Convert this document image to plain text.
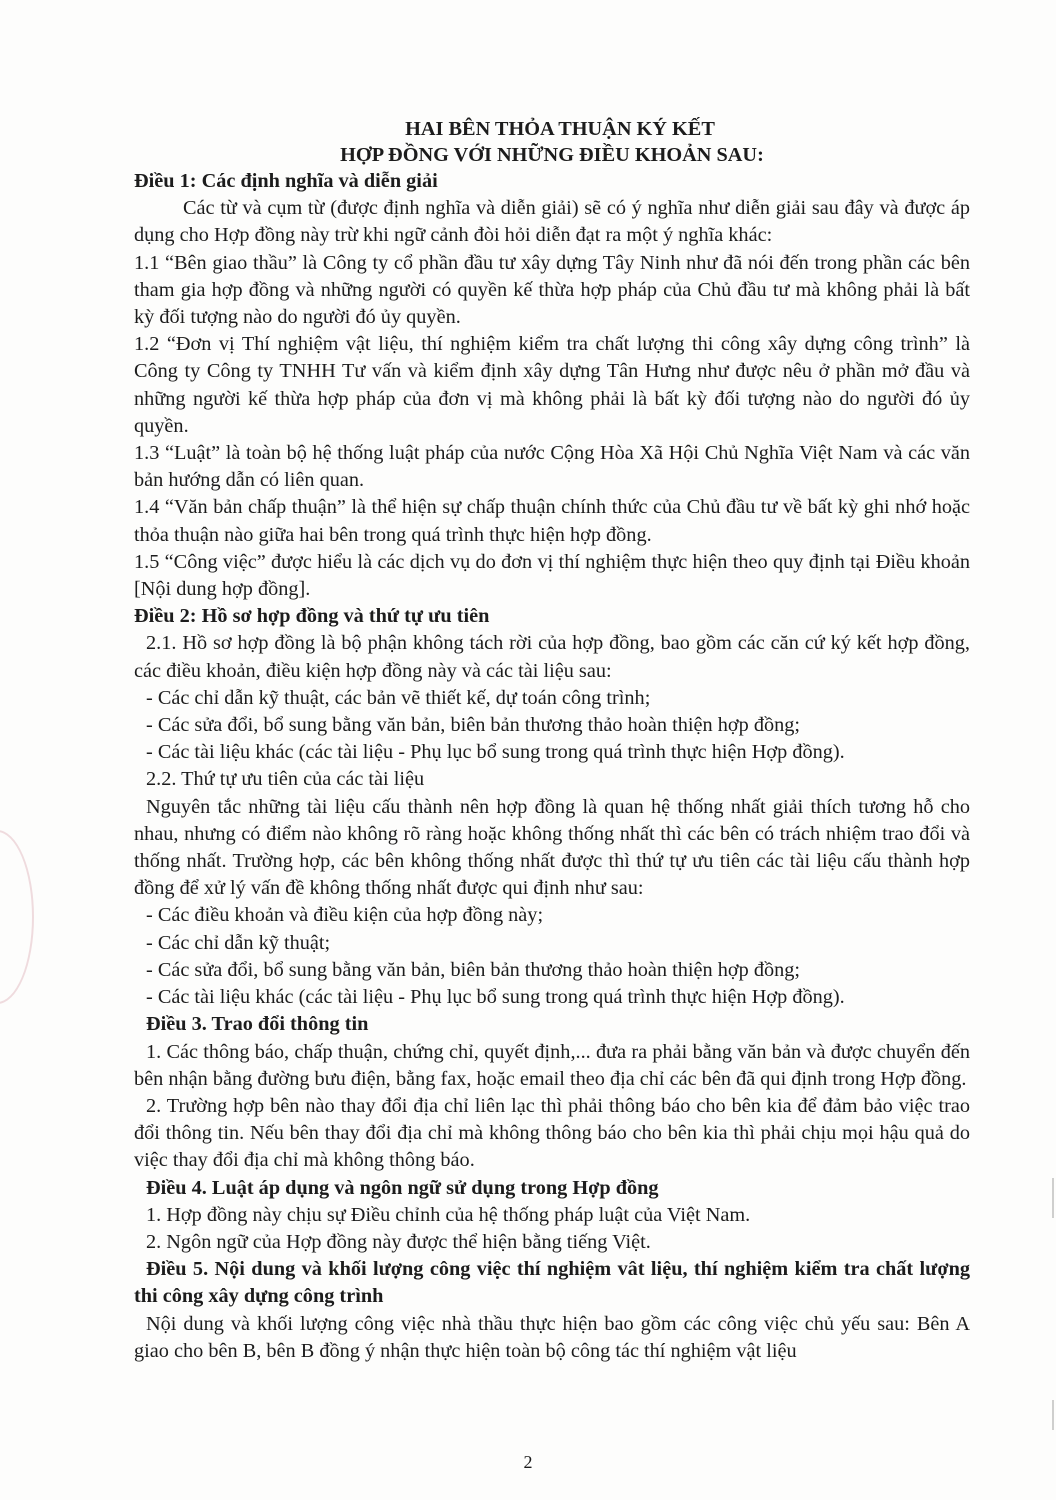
HAI BÊN THỎA THUẬN KÝ KẾT

HỢP ĐỒNG VỚI NHỮNG ĐIỀU KHOẢN SAU:

Điều 1: Các định nghĩa và diễn giải

Các từ và cụm từ (được định nghĩa và diễn giải) sẽ có ý nghĩa như diễn giải sau đây và được áp dụng cho Hợp đồng này trừ khi ngữ cảnh đòi hỏi diễn đạt ra một ý nghĩa khác:

1.1 “Bên giao thầu” là Công ty cổ phần đầu tư xây dựng Tây Ninh như đã nói đến trong phần các bên tham gia hợp đồng và những người có quyền kế thừa hợp pháp của Chủ đầu tư mà không phải là bất kỳ đối tượng nào do người đó ủy quyền.

1.2 “Đơn vị Thí nghiệm vật liệu, thí nghiệm kiểm tra chất lượng thi công xây dựng công trình” là Công ty Công ty TNHH Tư vấn và kiểm định xây dựng Tân Hưng như được nêu ở phần mở đầu và những người kế thừa hợp pháp của đơn vị mà không phải là bất kỳ đối tượng nào do người đó ủy quyền.

1.3 “Luật” là toàn bộ hệ thống luật pháp của nước Cộng Hòa Xã Hội Chủ Nghĩa Việt Nam và các văn bản hướng dẫn có liên quan.

1.4 “Văn bản chấp thuận” là thể hiện sự chấp thuận chính thức của Chủ đầu tư về bất kỳ ghi nhớ hoặc thỏa thuận nào giữa hai bên trong quá trình thực hiện hợp đồng.

1.5 “Công việc” được hiểu là các dịch vụ do đơn vị thí nghiệm thực hiện theo quy định tại Điều khoản [Nội dung hợp đồng].

Điều 2: Hồ sơ hợp đồng và thứ tự ưu tiên

2.1. Hồ sơ hợp đồng là bộ phận không tách rời của hợp đồng, bao gồm các căn cứ ký kết hợp đồng, các điều khoản, điều kiện hợp đồng này và các tài liệu sau:

- Các chỉ dẫn kỹ thuật, các bản vẽ thiết kế, dự toán công trình;

- Các sửa đổi, bổ sung bằng văn bản, biên bản thương thảo hoàn thiện hợp đồng;

- Các tài liệu khác (các tài liệu - Phụ lục bổ sung trong quá trình thực hiện Hợp đồng).

2.2. Thứ tự ưu tiên của các tài liệu

Nguyên tắc những tài liệu cấu thành nên hợp đồng là quan hệ thống nhất giải thích tương hỗ cho nhau, nhưng có điểm nào không rõ ràng hoặc không thống nhất thì các bên có trách nhiệm trao đổi và thống nhất. Trường hợp, các bên không thống nhất được thì thứ tự ưu tiên các tài liệu cấu thành hợp đồng để xử lý vấn đề không thống nhất được qui định như sau:

- Các điều khoản và điều kiện của hợp đồng này;

- Các chỉ dẫn kỹ thuật;

- Các sửa đổi, bổ sung bằng văn bản, biên bản thương thảo hoàn thiện hợp đồng;

- Các tài liệu khác (các tài liệu - Phụ lục bổ sung trong quá trình thực hiện Hợp đồng).

Điều 3. Trao đổi thông tin

1. Các thông báo, chấp thuận, chứng chỉ, quyết định,... đưa ra phải bằng văn bản và được chuyển đến bên nhận bằng đường bưu điện, bằng fax, hoặc email theo địa chỉ các bên đã qui định trong Hợp đồng.

2. Trường hợp bên nào thay đổi địa chỉ liên lạc thì phải thông báo cho bên kia để đảm bảo việc trao đổi thông tin. Nếu bên thay đổi địa chỉ mà không thông báo cho bên kia thì phải chịu mọi hậu quả do việc thay đổi địa chỉ mà không thông báo.

Điều 4. Luật áp dụng và ngôn ngữ sử dụng trong Hợp đồng

1. Hợp đồng này chịu sự Điều chỉnh của hệ thống pháp luật của Việt Nam.

2. Ngôn ngữ của Hợp đồng này được thể hiện bằng tiếng Việt.

Điều 5. Nội dung và khối lượng công việc thí nghiệm vât liệu, thí nghiệm kiểm tra chất lượng thi công xây dựng công trình

Nội dung và khối lượng công việc nhà thầu thực hiện bao gồm các công việc chủ yếu sau: Bên A giao cho bên B, bên B đồng ý nhận thực hiện toàn bộ công tác thí nghiệm vật liệu

2
